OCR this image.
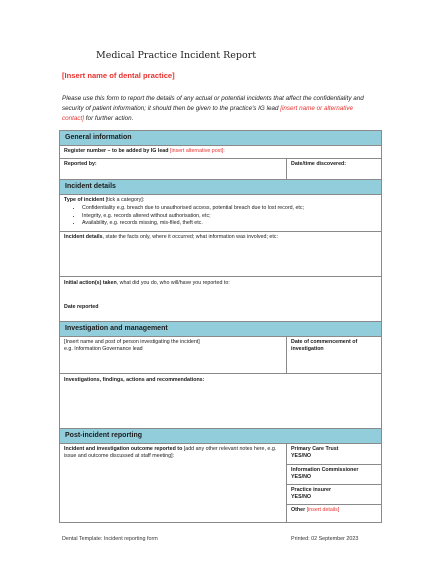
Medical Practice Incident Report
[Insert name of dental practice]
Please use this form to report the details of any actual or potential incidents that affect the confidentiality and security of patient information; it should then be given to the practice's IG lead [insert name or alternative contact] for further action.
General information
Register number – to be added by IG lead [insert alternative post]:
Reported by:	Date/time discovered:
Incident details
Type of incident [tick a category]:
• Confidentiality e.g. breach due to unauthorised access, potential breach due to lost record, etc;
• Integrity, e.g. records altered without authorisation, etc;
• Availability, e.g. records missing, mis-filed, theft etc.
Incident details, state the facts only, where it occurred; what information was involved; etc:
Initial action(s) taken, what did you do, who will/have you reported to:
Date reported
Investigation and management
[Insert name and post of person investigating the incident]
e.g. Information Governance lead
Date of commencement of investigation
Investigations, findings, actions and recommendations:
Post-incident reporting
Incident and investigation outcome reported to [add any other relevant notes here, e.g. issue and outcome discussed at staff meeting]:
Primary Care Trust
YES/NO
Information Commissioner
YES/NO
Practice insurer
YES/NO
Other [insert details]
Dental Template: Incident reporting form	Printed: 02 September 2023
